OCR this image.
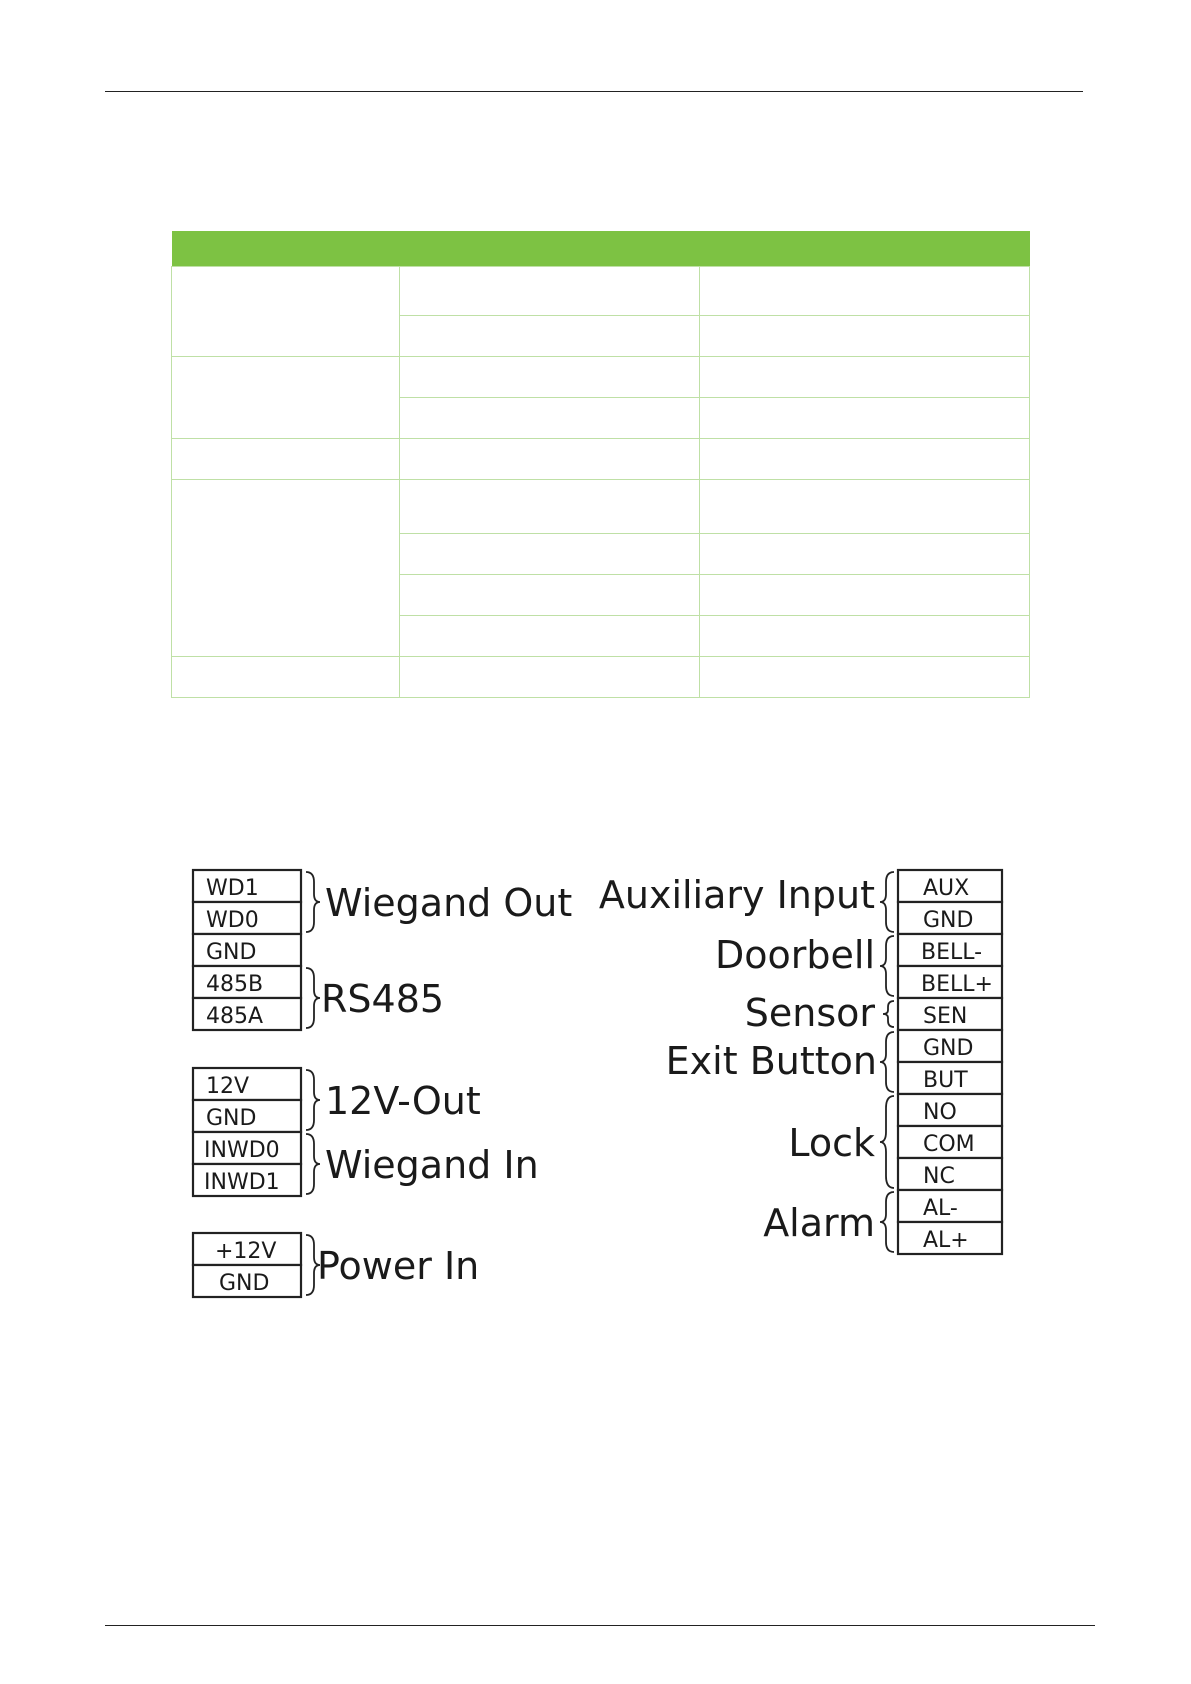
WD1
WD0
GND
485B
485A
12V
GND
INWD0
INWD1
+12V
GND
Wiegand Out
RS485
12V-Out
Wiegand In
Power In
AUX
GND
BELL-
BELL+
SEN
GND
BUT
NO
COM
NC
AL-
AL+
Auxiliary Input
Doorbell
Sensor
Exit Button
Lock
Alarm
